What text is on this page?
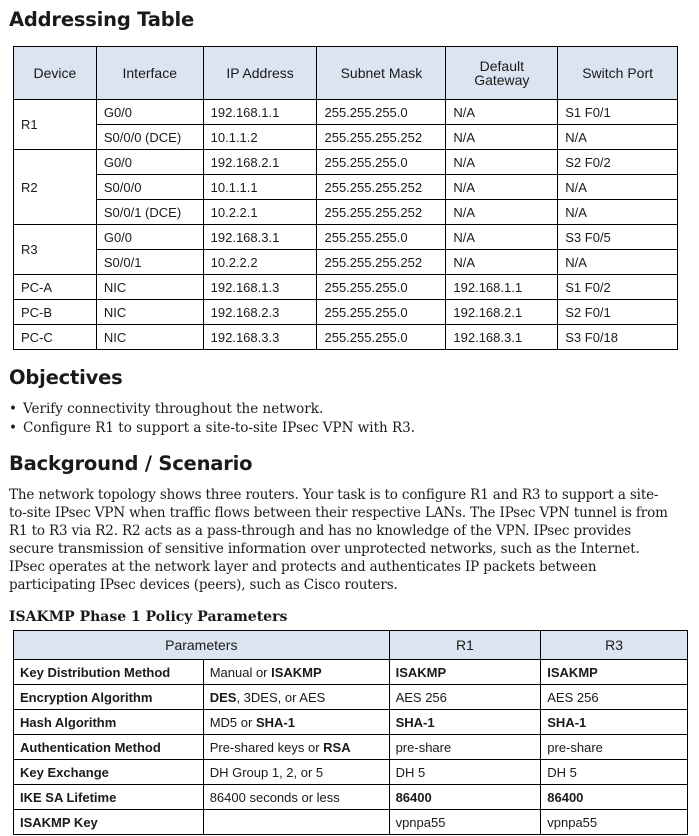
Addressing Table
Device	Interface	IP Address	Subnet Mask	Default Gateway	Switch Port
R1	G0/0	192.168.1.1	255.255.255.0	N/A	S1 F0/1
	S0/0/0 (DCE)	10.1.1.2	255.255.255.252	N/A	N/A
R2	G0/0	192.168.2.1	255.255.255.0	N/A	S2 F0/2
	S0/0/0	10.1.1.1	255.255.255.252	N/A	N/A
	S0/0/1 (DCE)	10.2.2.1	255.255.255.252	N/A	N/A
R3	G0/0	192.168.3.1	255.255.255.0	N/A	S3 F0/5
	S0/0/1	10.2.2.2	255.255.255.252	N/A	N/A
PC-A	NIC	192.168.1.3	255.255.255.0	192.168.1.1	S1 F0/2
PC-B	NIC	192.168.2.3	255.255.255.0	192.168.2.1	S2 F0/1
PC-C	NIC	192.168.3.3	255.255.255.0	192.168.3.1	S3 F0/18
Objectives
• Verify connectivity throughout the network.
• Configure R1 to support a site-to-site IPsec VPN with R3.
Background / Scenario

The network topology shows three routers. Your task is to configure R1 and R3 to support a site-to-site IPsec VPN when traffic flows between their respective LANs. The IPsec VPN tunnel is from R1 to R3 via R2. R2 acts as a pass-through and has no knowledge of the VPN. IPsec provides secure transmission of sensitive information over unprotected networks, such as the Internet. IPsec operates at the network layer and protects and authenticates IP packets between participating IPsec devices (peers), such as Cisco routers.

ISAKMP Phase 1 Policy Parameters
Parameters		R1	R3
Key Distribution Method	Manual or ISAKMP	ISAKMP	ISAKMP
Encryption Algorithm	DES, 3DES, or AES	AES 256	AES 256
Hash Algorithm	MD5 or SHA-1	SHA-1	SHA-1
Authentication Method	Pre-shared keys or RSA	pre-share	pre-share
Key Exchange	DH Group 1, 2, or 5	DH 5	DH 5
IKE SA Lifetime	86400 seconds or less	86400	86400
ISAKMP Key		vpnpa55	vpnpa55
